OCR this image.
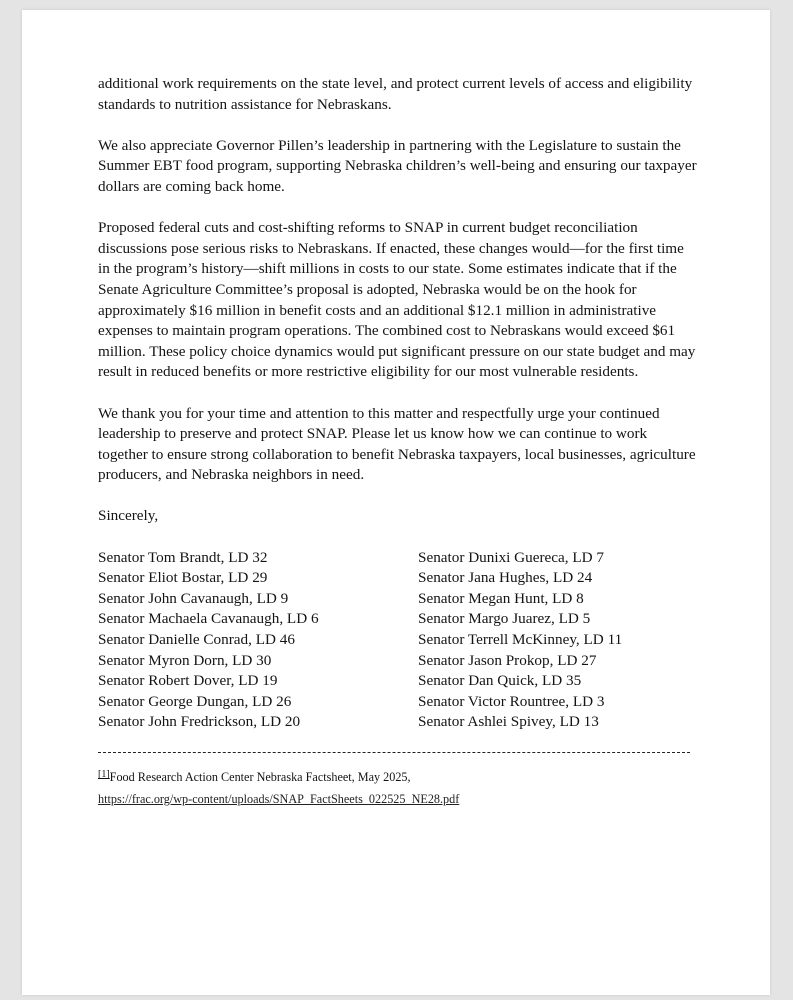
additional work requirements on the state level, and protect current levels of access and eligibility standards to nutrition assistance for Nebraskans.

We also appreciate Governor Pillen’s leadership in partnering with the Legislature to sustain the Summer EBT food program, supporting Nebraska children’s well-being and ensuring our taxpayer dollars are coming back home.

Proposed federal cuts and cost-shifting reforms to SNAP in current budget reconciliation discussions pose serious risks to Nebraskans. If enacted, these changes would—for the first time in the program’s history—shift millions in costs to our state. Some estimates indicate that if the Senate Agriculture Committee’s proposal is adopted, Nebraska would be on the hook for approximately $16 million in benefit costs and an additional $12.1 million in administrative expenses to maintain program operations. The combined cost to Nebraskans would exceed $61 million. These policy choice dynamics would put significant pressure on our state budget and may result in reduced benefits or more restrictive eligibility for our most vulnerable residents.

We thank you for your time and attention to this matter and respectfully urge your continued leadership to preserve and protect SNAP. Please let us know how we can continue to work together to ensure strong collaboration to benefit Nebraska taxpayers, local businesses, agriculture producers, and Nebraska neighbors in need.

Sincerely,

Senator Tom Brandt, LD 32
Senator Eliot Bostar, LD 29
Senator John Cavanaugh, LD 9
Senator Machaela Cavanaugh, LD 6
Senator Danielle Conrad, LD 46
Senator Myron Dorn, LD 30
Senator Robert Dover, LD 19
Senator George Dungan, LD 26
Senator John Fredrickson, LD 20
Senator Dunixi Guereca, LD 7
Senator Jana Hughes, LD 24
Senator Megan Hunt, LD 8
Senator Margo Juarez, LD 5
Senator Terrell McKinney, LD 11
Senator Jason Prokop, LD 27
Senator Dan Quick, LD 35
Senator Victor Rountree, LD 3
Senator Ashlei Spivey, LD 13
[1]Food Research Action Center Nebraska Factsheet, May 2025,
https://frac.org/wp-content/uploads/SNAP_FactSheets_022525_NE28.pdf
